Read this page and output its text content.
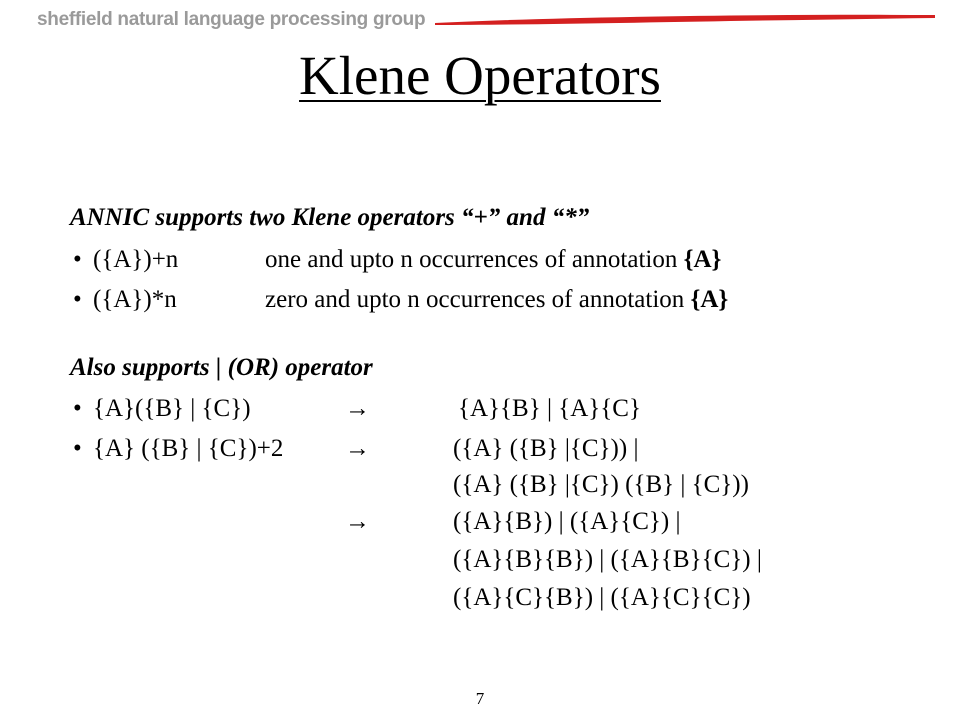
sheffield natural language processing group
Klene Operators
ANNIC supports two Klene operators “+” and “*”
• ({A})+n	one and upto n occurrences of annotation {A}
• ({A})*n	zero and upto n occurrences of annotation {A}
Also supports | (OR) operator
• {A}({B} | {C})	→	{A}{B} | {A}{C}
• {A} ({B} | {C})+2 →	({A} ({B} |{C})) |
({A} ({B} |{C}) ({B} | {C}))
→	({A}{B}) | ({A}{C}) |
({A}{B}{B}) | ({A}{B}{C}) |
({A}{C}{B}) | ({A}{C}{C})
7
